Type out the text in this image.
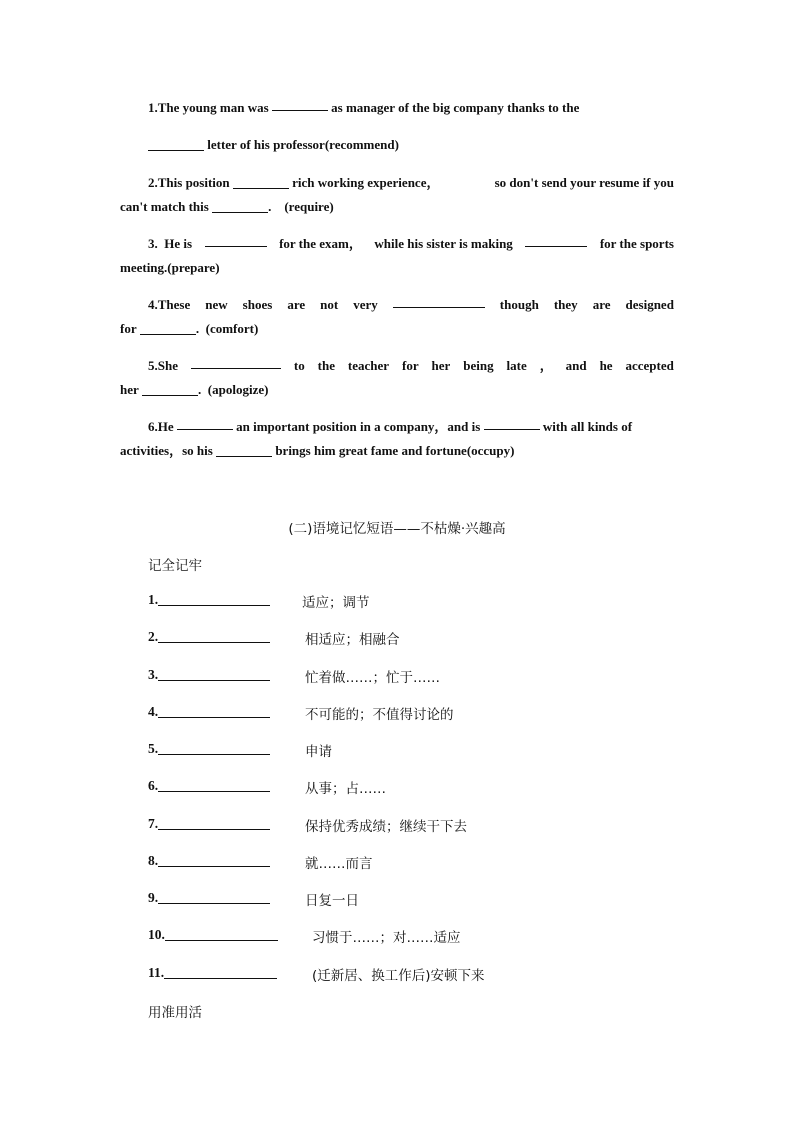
1. The young man was

	as manager of the big company thanks to the
letter of his professor(recommend)
2.This position	rich working experience，	so don't send your resume if you
can't match this	. (require)
3. He is	for the exam， while his sister is making	for the sports
meeting.(prepare)
4.These new shoes are not very	though they are designed
for	. (comfort)
5.She	to the teacher for her being late ， and he accepted
her	. (apologize)
6. He

	an important position in a company，and is

	with all kinds of
activities，so his	brings him great fame and fortune(occupy)
(二)语境记忆短语——不枯燥·兴趣高
记全记牢
1.	适应；调节
2.	相适应；相融合
3.	忙着做……；忙于……
4.	不可能的；不值得讨论的
5.	申请
6.	从事；占……
7.	保持优秀成绩；继续干下去
8.	就……而言
9.	日复一日
10.	习惯于……；对……适应
11.	(迁新居、换工作后)安顿下来
用准用活
